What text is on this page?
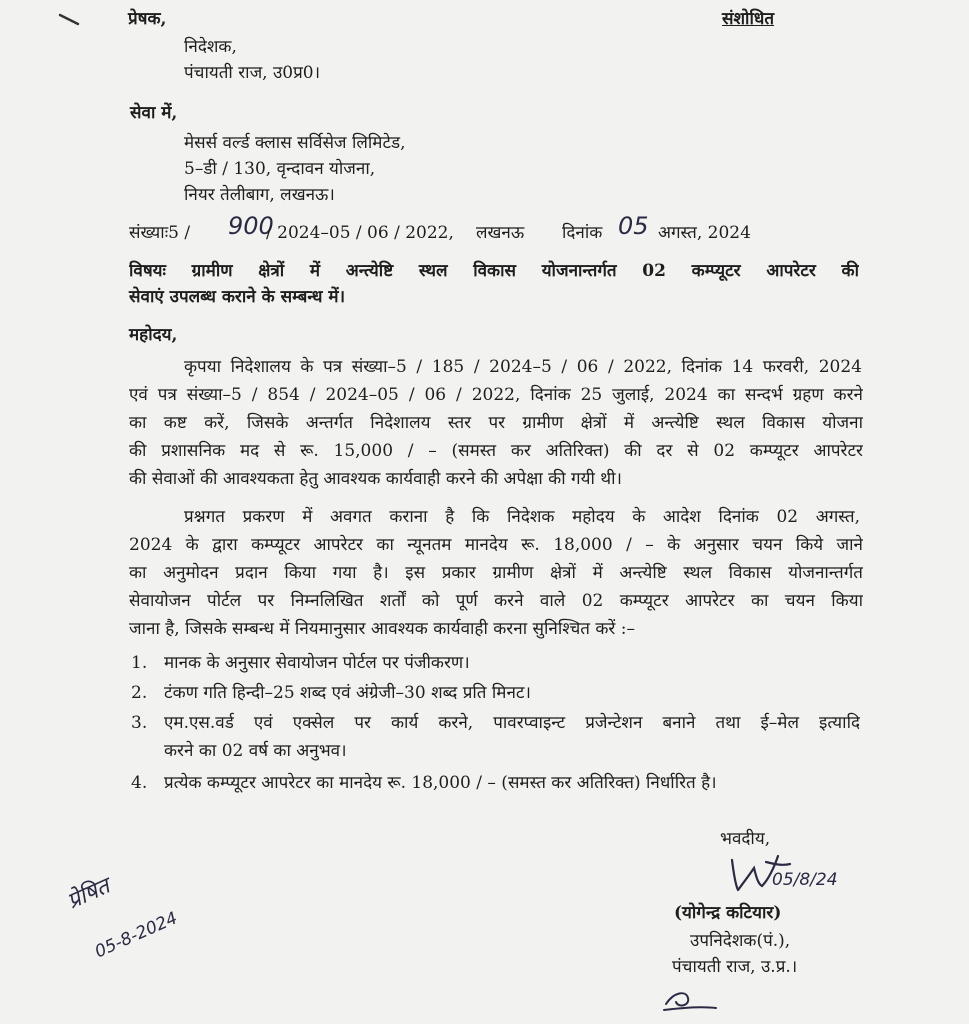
प्रेषक,	संशोधित
निदेशक,
पंचायती राज, उ0प्र0।
सेवा में,
मेसर्स वर्ल्ड क्लास सर्विसेज लिमिटेड,
5–डी / 130, वृन्दावन योजना,
नियर तेलीबाग, लखनऊ।
संख्याः5 / 900
/ 2024–05 / 06 / 2022, लखनऊ दिनांक 05 अगस्त, 2024
विषयः ग्रामीण क्षेत्रों में अन्त्येष्टि स्थल विकास योजनान्तर्गत 02 कम्प्यूटर आपरेटर की
सेवाएं उपलब्ध कराने के सम्बन्ध में।
महोदय,
कृपया निदेशालय के पत्र संख्या–5 / 185 / 2024–5 / 06 / 2022, दिनांक 14 फरवरी, 2024
एवं पत्र संख्या–5 / 854 / 2024–05 / 06 / 2022, दिनांक 25 जुलाई, 2024 का सन्दर्भ ग्रहण करने
का कष्ट करें, जिसके अन्तर्गत निदेशालय स्तर पर ग्रामीण क्षेत्रों में अन्त्येष्टि स्थल विकास योजना
की प्रशासनिक मद से रू. 15,000 / – (समस्त कर अतिरिक्त) की दर से 02 कम्प्यूटर आपरेटर
की सेवाओं की आवश्यकता हेतु आवश्यक कार्यवाही करने की अपेक्षा की गयी थी।
प्रश्नगत प्रकरण में अवगत कराना है कि निदेशक महोदय के आदेश दिनांक 02 अगस्त,
2024 के द्वारा कम्प्यूटर आपरेटर का न्यूनतम मानदेय रू. 18,000 / – के अनुसार चयन किये जाने
का अनुमोदन प्रदान किया गया है। इस प्रकार ग्रामीण क्षेत्रों में अन्त्येष्टि स्थल विकास योजनान्तर्गत
सेवायोजन पोर्टल पर निम्नलिखित शर्तों को पूर्ण करने वाले 02 कम्प्यूटर आपरेटर का चयन किया
जाना है, जिसके सम्बन्ध में नियमानुसार आवश्यक कार्यवाही करना सुनिश्चित करें :–
1. मानक के अनुसार सेवायोजन पोर्टल पर पंजीकरण।
2. टंकण गति हिन्दी–25 शब्द एवं अंग्रेजी–30 शब्द प्रति मिनट।
3. एम.एस.वर्ड एवं एक्सेल पर कार्य करने, पावरप्वाइन्ट प्रजेन्टेशन बनाने तथा ई–मेल इत्यादि
करने का 02 वर्ष का अनुभव।
4. प्रत्येक कम्प्यूटर आपरेटर का मानदेय रू. 18,000 / – (समस्त कर अतिरिक्त) निर्धारित है।
भवदीय,
05/8/24
(योगेन्द्र कटियार)
उपनिदेशक(पं.),
पंचायती राज, उ.प्र.।
प्रेषित
05-8-2024
